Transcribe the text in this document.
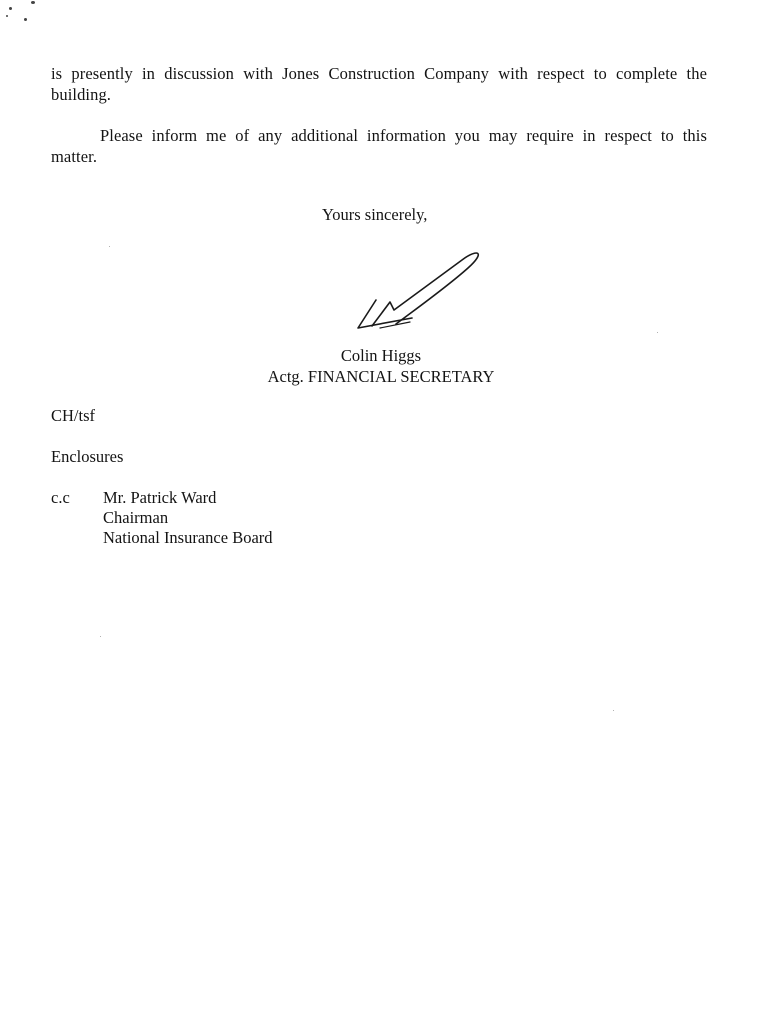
is presently in discussion with Jones Construction Company with respect to complete the
building.
Please inform me of any additional information you may require in respect to this
matter.
Yours sincerely,
Colin Higgs
Actg. FINANCIAL SECRETARY
CH/tsf
Enclosures
c.c Mr. Patrick Ward
Chairman
National Insurance Board
